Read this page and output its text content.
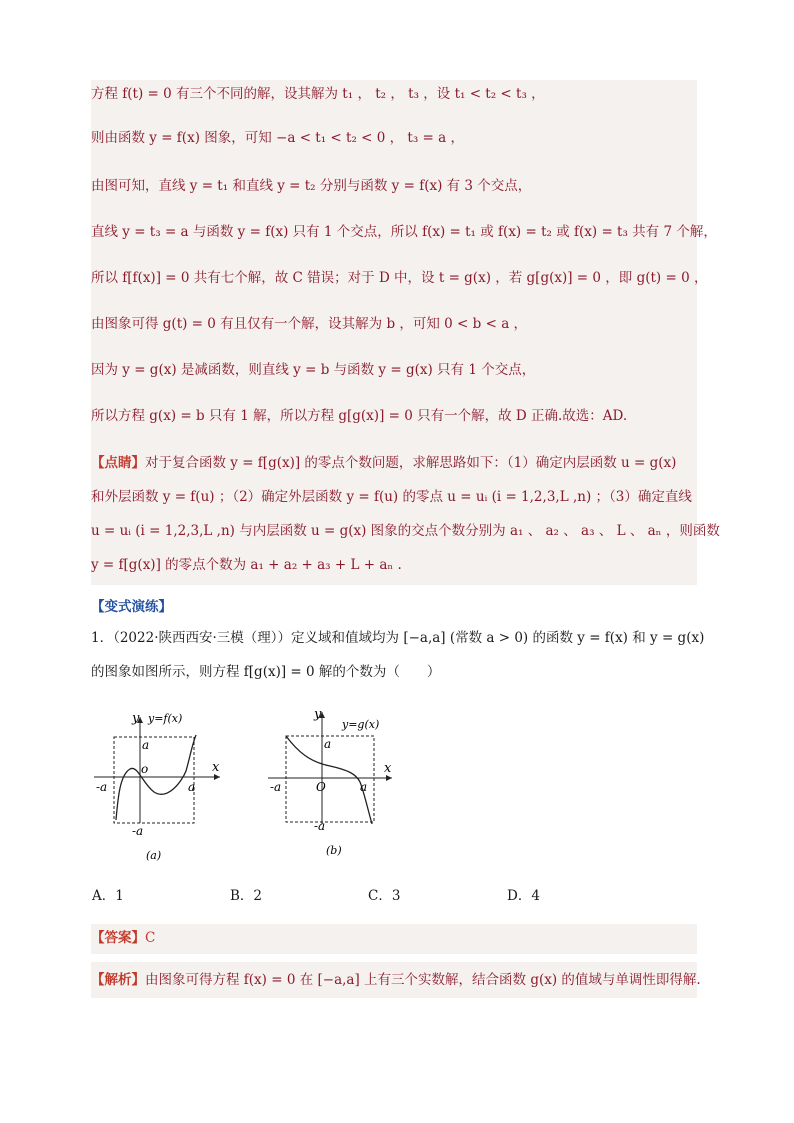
方程 f(t) = 0 有三个不同的解，设其解为 t₁ ， t₂ ， t₃ ，设 t₁ < t₂ < t₃ ，
则由函数 y = f(x) 图象，可知 −a < t₁ < t₂ < 0 ， t₃ = a ，
由图可知，直线 y = t₁ 和直线 y = t₂ 分别与函数 y = f(x) 有 3 个交点，
直线 y = t₃ = a 与函数 y = f(x) 只有 1 个交点，所以 f(x) = t₁ 或 f(x) = t₂ 或 f(x) = t₃ 共有 7 个解，
所以 f[f(x)] = 0 共有七个解，故 C 错误；对于 D 中，设 t = g(x) ，若 g[g(x)] = 0 ，即 g(t) = 0 ，
由图象可得 g(t) = 0 有且仅有一个解，设其解为 b ，可知 0 < b < a ，
因为 y = g(x) 是减函数，则直线 y = b 与函数 y = g(x) 只有 1 个交点，
所以方程 g(x) = b 只有 1 解，所以方程 g[g(x)] = 0 只有一个解，故 D 正确.故选：AD.
【点睛】对于复合函数 y = f[g(x)] 的零点个数问题，求解思路如下：（1）确定内层函数 u = g(x)
和外层函数 y = f(u) ；（2）确定外层函数 y = f(u) 的零点 u = uᵢ (i = 1,2,3,L ,n) ；（3）确定直线
u = uᵢ (i = 1,2,3,L ,n) 与内层函数 u = g(x) 图象的交点个数分别为 a₁ 、 a₂ 、 a₃ 、 L 、 aₙ ，则函数
y = f[g(x)] 的零点个数为 a₁ + a₂ + a₃ + L + aₙ .
【变式演练】
1．（2022·陕西西安·三模（理））定义域和值域均为 [−a,a] (常数 a > 0) 的函数 y = f(x) 和 y = g(x)
的图象如图所示，则方程 f[g(x)] = 0 解的个数为（　　）
y y=f(x)
a
x
-a
o
a
-a
(a)
y
y=g(x)
a
x
-a	O	a
-a
(b)
A．1	B．2	C．3	D．4
【答案】C
【解析】由图象可得方程 f(x) = 0 在 [−a,a] 上有三个实数解，结合函数 g(x) 的值域与单调性即得解.
